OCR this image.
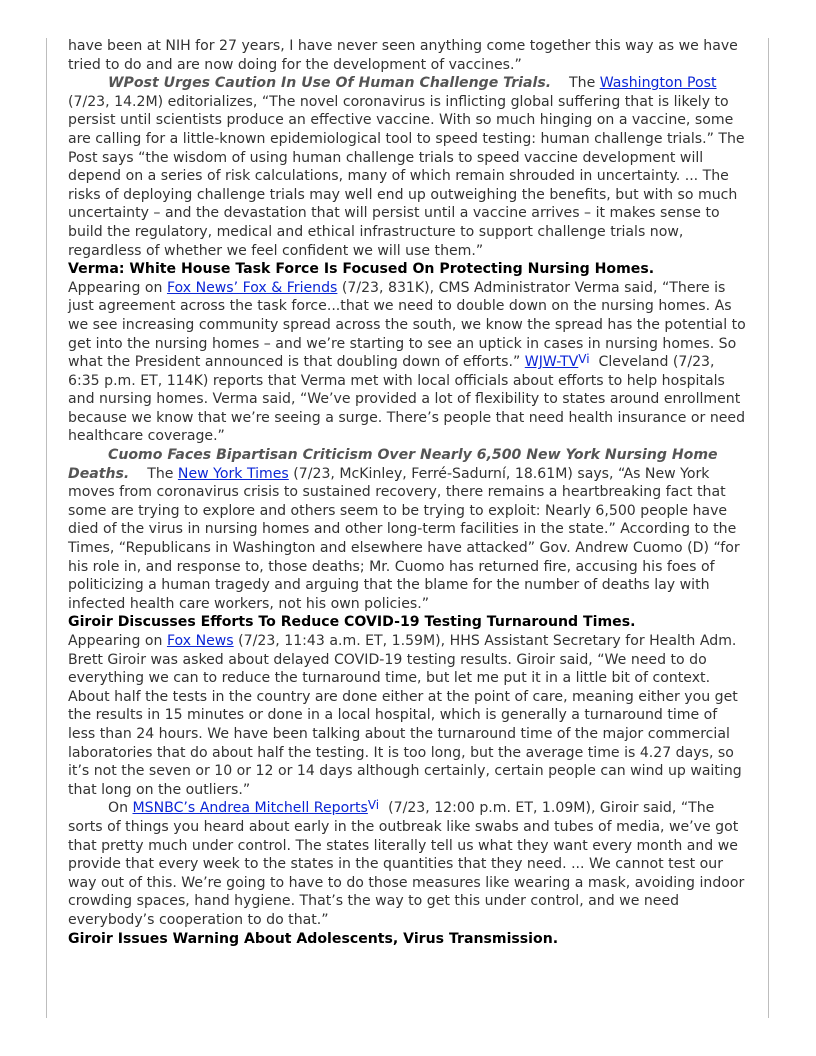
have been at NIH for 27 years, I have never seen anything come together this way as we have tried to do and are now doing for the development of vaccines.”

WPost Urges Caution In Use Of Human Challenge Trials. The Washington Post (7/23, 14.2M) editorializes, “The novel coronavirus is inflicting global suffering that is likely to persist until scientists produce an effective vaccine. With so much hinging on a vaccine, some are calling for a little-known epidemiological tool to speed testing: human challenge trials.” The Post says “the wisdom of using human challenge trials to speed vaccine development will depend on a series of risk calculations, many of which remain shrouded in uncertainty. ... The risks of deploying challenge trials may well end up outweighing the benefits, but with so much uncertainty – and the devastation that will persist until a vaccine arrives – it makes sense to build the regulatory, medical and ethical infrastructure to support challenge trials now, regardless of whether we feel confident we will use them.”

Verma: White House Task Force Is Focused On Protecting Nursing Homes.

Appearing on Fox News’ Fox & Friends (7/23, 831K), CMS Administrator Verma said, “There is just agreement across the task force...that we need to double down on the nursing homes. As we see increasing community spread across the south, we know the spread has the potential to get into the nursing homes – and we’re starting to see an uptick in cases in nursing homes. So what the President announced is that doubling down of efforts.” WJW-TVVi Cleveland (7/23, 6:35 p.m. ET, 114K) reports that Verma met with local officials about efforts to help hospitals and nursing homes. Verma said, “We’ve provided a lot of flexibility to states around enrollment because we know that we’re seeing a surge. There’s people that need health insurance or need healthcare coverage.”

Cuomo Faces Bipartisan Criticism Over Nearly 6,500 New York Nursing Home Deaths. The New York Times (7/23, McKinley, Ferré-Sadurní, 18.61M) says, “As New York moves from coronavirus crisis to sustained recovery, there remains a heartbreaking fact that some are trying to explore and others seem to be trying to exploit: Nearly 6,500 people have died of the virus in nursing homes and other long-term facilities in the state.” According to the Times, “Republicans in Washington and elsewhere have attacked” Gov. Andrew Cuomo (D) “for his role in, and response to, those deaths; Mr. Cuomo has returned fire, accusing his foes of politicizing a human tragedy and arguing that the blame for the number of deaths lay with infected health care workers, not his own policies.”

Giroir Discusses Efforts To Reduce COVID-19 Testing Turnaround Times.

Appearing on Fox News (7/23, 11:43 a.m. ET, 1.59M), HHS Assistant Secretary for Health Adm. Brett Giroir was asked about delayed COVID-19 testing results. Giroir said, “We need to do everything we can to reduce the turnaround time, but let me put it in a little bit of context. About half the tests in the country are done either at the point of care, meaning either you get the results in 15 minutes or done in a local hospital, which is generally a turnaround time of less than 24 hours. We have been talking about the turnaround time of the major commercial laboratories that do about half the testing. It is too long, but the average time is 4.27 days, so it’s not the seven or 10 or 12 or 14 days although certainly, certain people can wind up waiting that long on the outliers.”

On MSNBC’s Andrea Mitchell ReportsVi (7/23, 12:00 p.m. ET, 1.09M), Giroir said, “The sorts of things you heard about early in the outbreak like swabs and tubes of media, we’ve got that pretty much under control. The states literally tell us what they want every month and we provide that every week to the states in the quantities that they need. ... We cannot test our way out of this. We’re going to have to do those measures like wearing a mask, avoiding indoor crowding spaces, hand hygiene. That’s the way to get this under control, and we need everybody’s cooperation to do that.”

Giroir Issues Warning About Adolescents, Virus Transmission.
